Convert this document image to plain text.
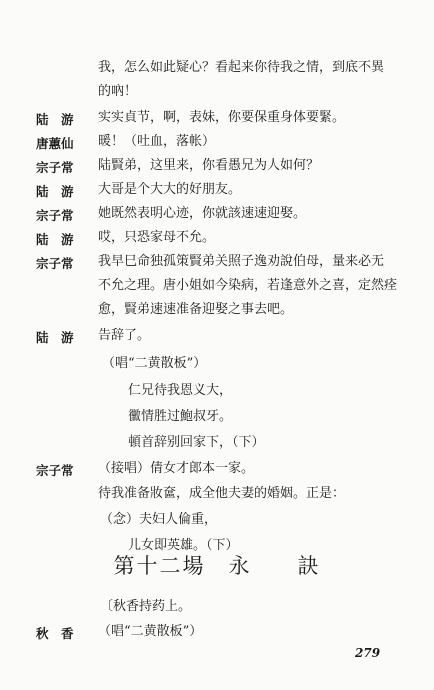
我，怎么如此疑心？看起来你待我之情，到底不異
的吶！
陆　游 实实貞节，啊，表妹，你要保重身体要緊。
唐蕙仙 暖！（吐血，落帐）
宗子常 陆賢弟，这里来，你看愚兄为人如何？
陆　游 大哥是个大大的好朋友。
宗子常 她既然表明心迹，你就該速速迎娶。
陆　游 哎，只恐家母不允。
宗子常 我早巳命独孤策賢弟关照子逸劝說伯母，量来必无
不允之理。唐小姐如今染病，若逢意外之喜，定然痊
愈，賢弟速速准备迎娶之事去吧。
陆　游 告辞了。
（唱“二黄散板”）
仁兄待我恩义大，
黴情胜过鮑叔牙。
頓首辞别回家下，（下）
宗子常 （接唱）倩女才郎本一家。
待我准备妝奩，成全他夫妻的婚姻。正是：
（念）夫妇人倫重，
儿女即英雄。（下）
第十二場　永　　訣
〔秋香持药上。
秋　香 （唱“二黄散板”）
279
